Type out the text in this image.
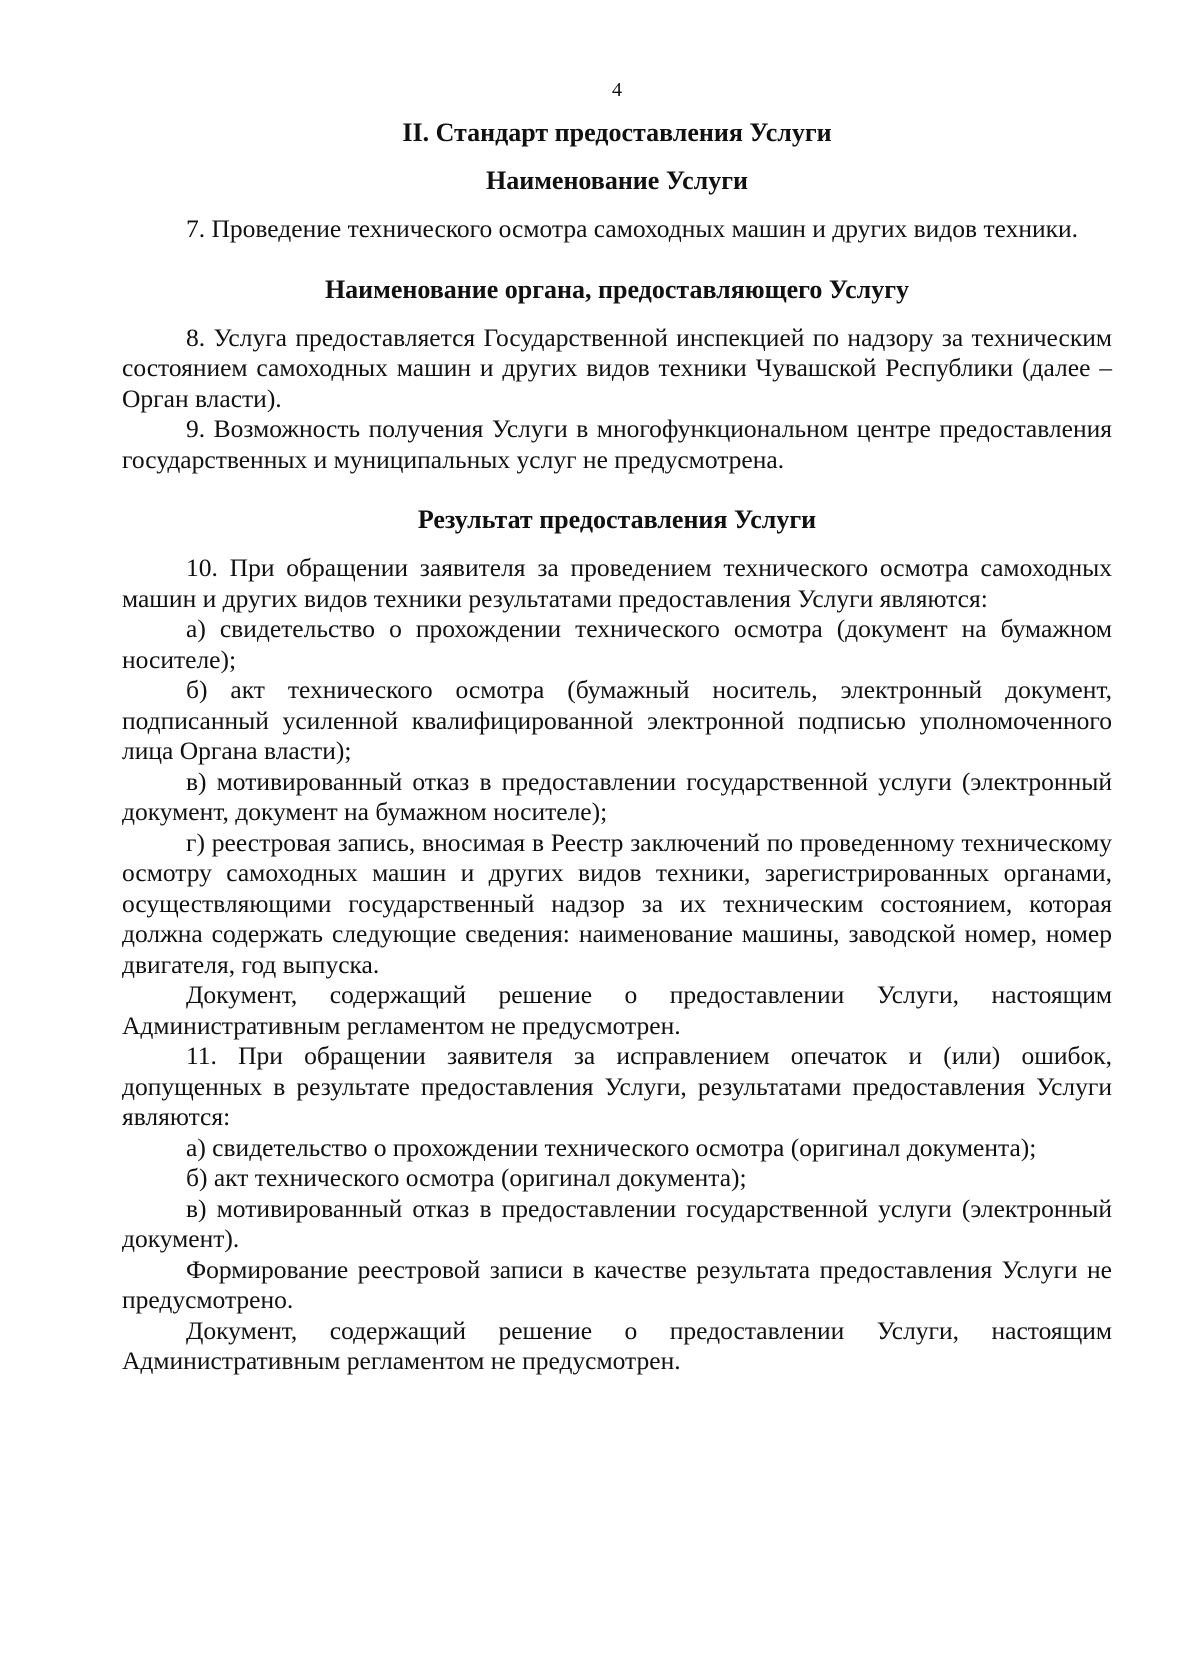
4
II. Стандарт предоставления Услуги
Наименование Услуги

7. Проведение технического осмотра самоходных машин и других видов техники.

Наименование органа, предоставляющего Услугу

8. Услуга предоставляется Государственной инспекцией по надзору за техническим состоянием самоходных машин и других видов техники Чувашской Республики (далее – Орган власти).

9. Возможность получения Услуги в многофункциональном центре предоставления государственных и муниципальных услуг не предусмотрена.

Результат предоставления Услуги

10. При обращении заявителя за проведением технического осмотра самоходных машин и других видов техники результатами предоставления Услуги являются:

а) свидетельство о прохождении технического осмотра (документ на бумажном носителе);

б) акт технического осмотра (бумажный носитель, электронный документ, подписанный усиленной квалифицированной электронной подписью уполномоченного лица Органа власти);

в) мотивированный отказ в предоставлении государственной услуги (электронный документ, документ на бумажном носителе);

г) реестровая запись, вносимая в Реестр заключений по проведенному техническому осмотру самоходных машин и других видов техники, зарегистрированных органами, осуществляющими государственный надзор за их техническим состоянием, которая должна содержать следующие сведения: наименование машины, заводской номер, номер двигателя, год выпуска.

Документ, содержащий решение о предоставлении Услуги, настоящим Административным регламентом не предусмотрен.

11. При обращении заявителя за исправлением опечаток и (или) ошибок, допущенных в результате предоставления Услуги, результатами предоставления Услуги являются:

а) свидетельство о прохождении технического осмотра (оригинал документа);

б) акт технического осмотра (оригинал документа);

в) мотивированный отказ в предоставлении государственной услуги (электронный документ).

Формирование реестровой записи в качестве результата предоставления Услуги не предусмотрено.

Документ, содержащий решение о предоставлении Услуги, настоящим Административным регламентом не предусмотрен.
